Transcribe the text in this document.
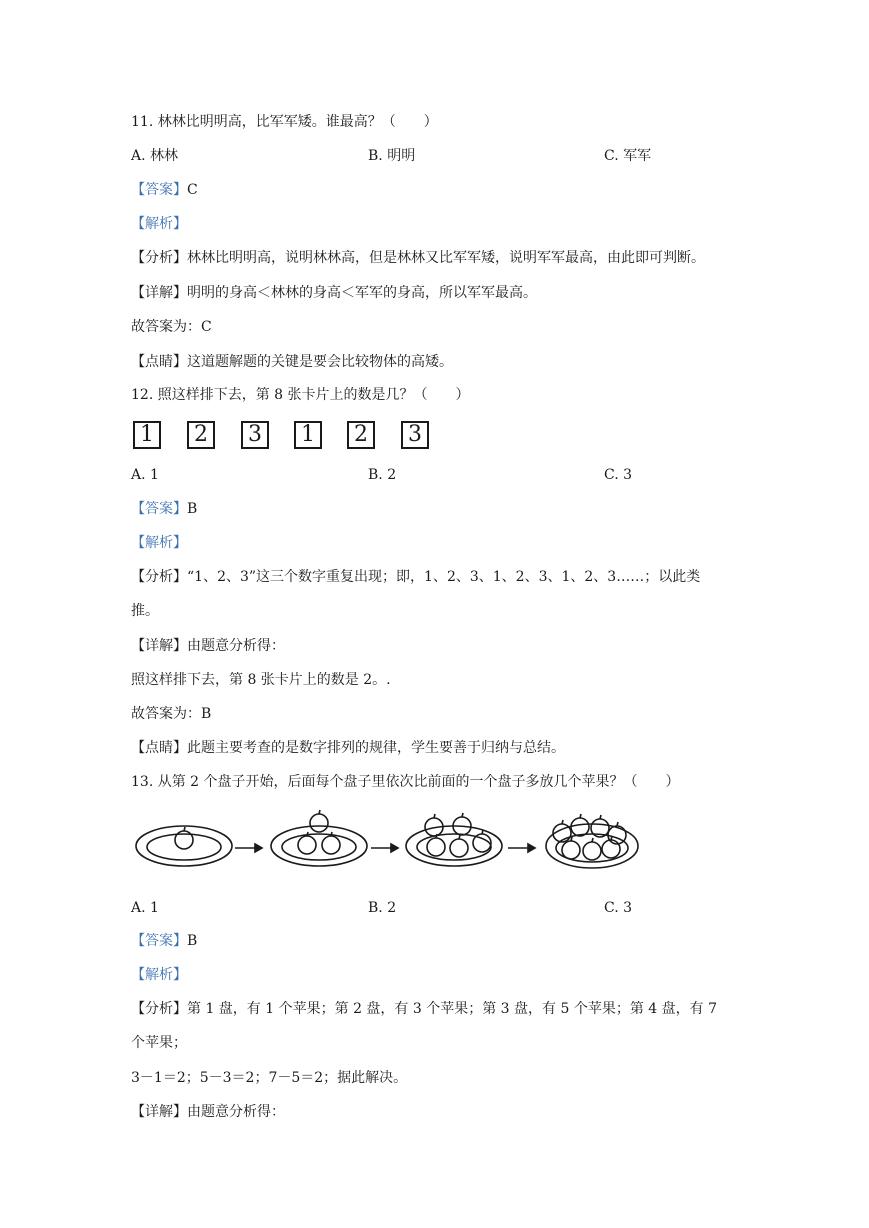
11. 林林比明明高，比军军矮。谁最高？（　　）
A. 林林	B. 明明	C. 军军
【答案】C
【解析】
【分析】林林比明明高，说明林林高，但是林林又比军军矮，说明军军最高，由此即可判断。
【详解】明明的身高＜林林的身高＜军军的身高，所以军军最高。
故答案为：C
【点睛】这道题解题的关键是要会比较物体的高矮。
12. 照这样排下去，第 8 张卡片上的数是几？（　　）
1	2	3	1	2	3
A. 1	B. 2	C. 3
【答案】B
【解析】
【分析】“1、2、3”这三个数字重复出现；即，1、2、3、1、2、3、1、2、3……；以此类
推。
【详解】由题意分析得：
照这样排下去，第 8 张卡片上的数是 2。.
故答案为：B
【点睛】此题主要考查的是数字排列的规律，学生要善于归纳与总结。
13. 从第 2 个盘子开始，后面每个盘子里依次比前面的一个盘子多放几个苹果？（　　）
A. 1	B. 2	C. 3
【答案】B
【解析】
【分析】第 1 盘，有 1 个苹果；第 2 盘，有 3 个苹果；第 3 盘，有 5 个苹果；第 4 盘，有 7
个苹果；
3－1＝2；5－3＝2；7－5＝2；据此解决。
【详解】由题意分析得：
